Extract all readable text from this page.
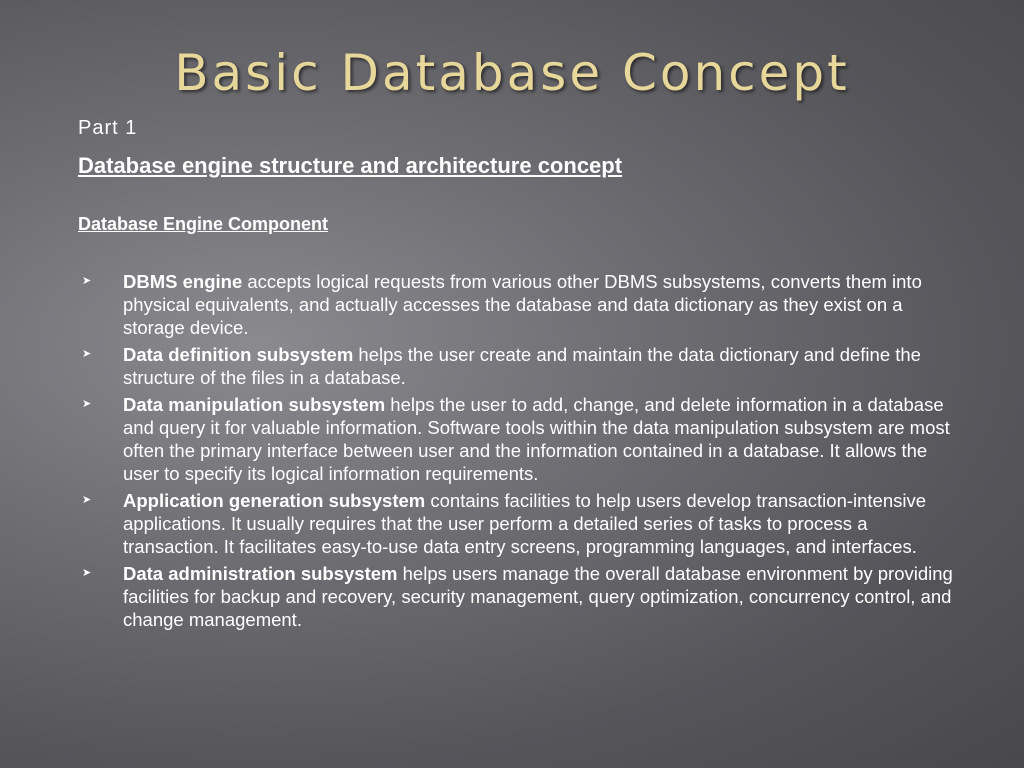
Basic Database Concept

Part 1

Database engine structure and architecture concept

Database Engine Component

➤ DBMS engine accepts logical requests from various other DBMS subsystems, converts them into physical equivalents, and actually accesses the database and data dictionary as they exist on a storage device.
➤ Data definition subsystem helps the user create and maintain the data dictionary and define the structure of the files in a database.
➤ Data manipulation subsystem helps the user to add, change, and delete information in a database and query it for valuable information. Software tools within the data manipulation subsystem are most often the primary interface between user and the information contained in a database. It allows the user to specify its logical information requirements.
➤ Application generation subsystem contains facilities to help users develop transaction-intensive applications. It usually requires that the user perform a detailed series of tasks to process a transaction. It facilitates easy-to-use data entry screens, programming languages, and interfaces.
➤ Data administration subsystem helps users manage the overall database environment by providing facilities for backup and recovery, security management, query optimization, concurrency control, and change management.
